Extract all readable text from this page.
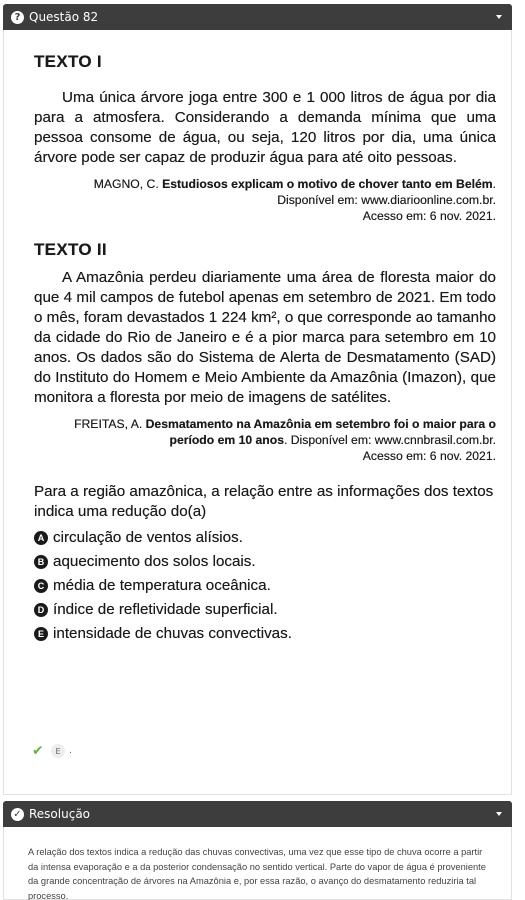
? Questão 82
TEXTO I
Uma única árvore joga entre 300 e 1 000 litros de água por dia para a atmosfera. Considerando a demanda mínima que uma pessoa consome de água, ou seja, 120 litros por dia, uma única árvore pode ser capaz de produzir água para até oito pessoas.
MAGNO, C. Estudiosos explicam o motivo de chover tanto em Belém. Disponível em: www.diarioonline.com.br.
Acesso em: 6 nov. 2021.
TEXTO II
A Amazônia perdeu diariamente uma área de floresta maior do que 4 mil campos de futebol apenas em setembro de 2021. Em todo o mês, foram devastados 1 224 km², o que corresponde ao tamanho da cidade do Rio de Janeiro e é a pior marca para setembro em 10 anos. Os dados são do Sistema de Alerta de Desmatamento (SAD) do Instituto do Homem e Meio Ambiente da Amazônia (Imazon), que monitora a floresta por meio de imagens de satélites.
FREITAS, A. Desmatamento na Amazônia em setembro foi o maior para o período em 10 anos. Disponível em: www.cnnbrasil.com.br.
Acesso em: 6 nov. 2021.
Para a região amazônica, a relação entre as informações dos textos indica uma redução do(a)
A circulação de ventos alísios.
B aquecimento dos solos locais.
C média de temperatura oceânica.
D índice de refletividade superficial.
E intensidade de chuvas convectivas.
✔	E .
✓ Resolução
A relação dos textos indica a redução das chuvas convectivas, uma vez que esse tipo de chuva ocorre a partir da intensa evaporação e a da posterior condensação no sentido vertical. Parte do vapor de água é proveniente da grande concentração de árvores na Amazônia e, por essa razão, o avanço do desmatamento reduziria tal processo.
